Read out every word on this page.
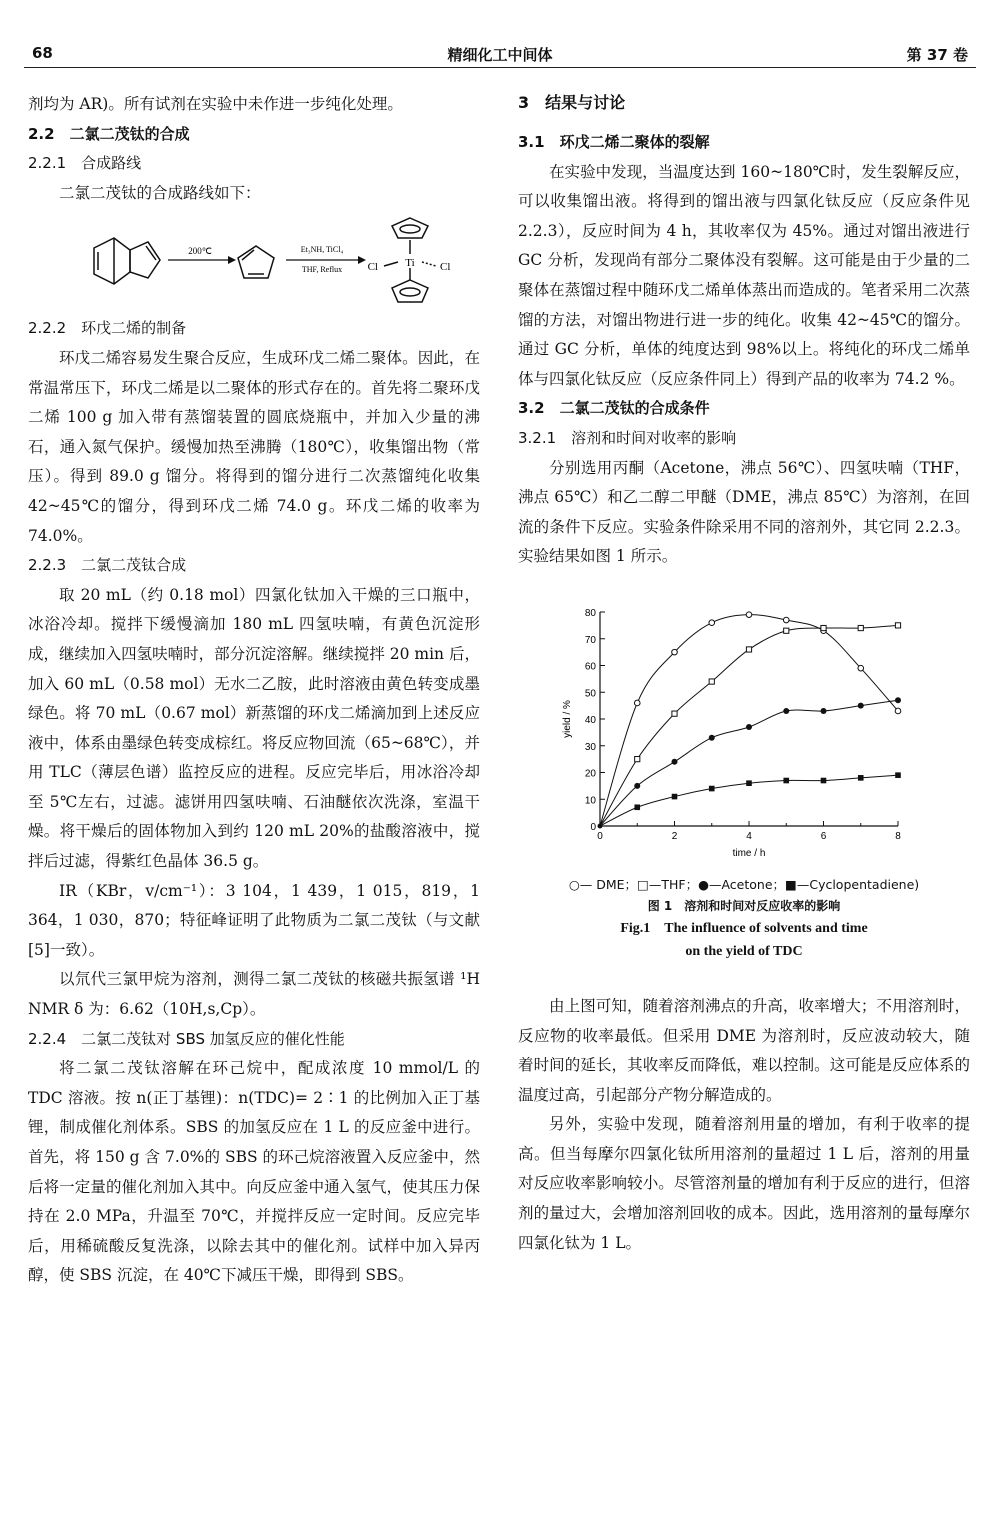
68	精细化工中间体	第 37 卷

剂均为 AR)。所有试剂在实验中未作进一步纯化处理。

2.2　二氯二茂钛的合成
2.2.1　合成路线

二氯二茂钛的合成路线如下：

200℃	Et₃NH, TiCl₄
THF, Reflux Cl Ti Cl
2.2.2　环戊二烯的制备

环戊二烯容易发生聚合反应，生成环戊二烯二聚体。因此，在常温常压下，环戊二烯是以二聚体的形式存在的。首先将二聚环戊二烯 100 g 加入带有蒸馏装置的圆底烧瓶中，并加入少量的沸石，通入氮气保护。缓慢加热至沸腾（180℃），收集馏出物（常压）。得到 89.0 g 馏分。将得到的馏分进行二次蒸馏纯化收集 42~45℃的馏分，得到环戊二烯 74.0 g。环戊二烯的收率为 74.0%。

2.2.3　二氯二茂钛合成

取 20 mL（约 0.18 mol）四氯化钛加入干燥的三口瓶中，冰浴冷却。搅拌下缓慢滴加 180 mL 四氢呋喃，有黄色沉淀形成，继续加入四氢呋喃时，部分沉淀溶解。继续搅拌 20 min 后，加入 60 mL（0.58 mol）无水二乙胺，此时溶液由黄色转变成墨绿色。将 70 mL（0.67 mol）新蒸馏的环戊二烯滴加到上述反应液中，体系由墨绿色转变成棕红。将反应物回流（65~68℃），并用 TLC（薄层色谱）监控反应的进程。反应完毕后，用冰浴冷却至 5℃左右，过滤。滤饼用四氢呋喃、石油醚依次洗涤，室温干燥。将干燥后的固体物加入到约 120 mL 20%的盐酸溶液中，搅拌后过滤，得紫红色晶体 36.5 g。

IR（KBr，v/cm⁻¹）：3 104，1 439，1 015，819，1 364，1 030，870；特征峰证明了此物质为二氯二茂钛（与文献[5]一致）。

以氘代三氯甲烷为溶剂，测得二氯二茂钛的核磁共振氢谱 ¹H NMR δ 为：6.62（10H,s,Cp）。

2.2.4　二氯二茂钛对 SBS 加氢反应的催化性能

将二氯二茂钛溶解在环己烷中，配成浓度 10 mmol/L 的 TDC 溶液。按 n(正丁基锂)：n(TDC)= 2∶1 的比例加入正丁基锂，制成催化剂体系。SBS 的加氢反应在 1 L 的反应釜中进行。首先，将 150 g 含 7.0%的 SBS 的环己烷溶液置入反应釜中，然后将一定量的催化剂加入其中。向反应釜中通入氢气，使其压力保持在 2.0 MPa，升温至 70℃，并搅拌反应一定时间。反应完毕后，用稀硫酸反复洗涤，以除去其中的催化剂。试样中加入异丙醇，使 SBS 沉淀，在 40℃下减压干燥，即得到 SBS。

3　结果与讨论
3.1　环戊二烯二聚体的裂解

在实验中发现，当温度达到 160~180℃时，发生裂解反应，可以收集馏出液。将得到的馏出液与四氯化钛反应（反应条件见 2.2.3），反应时间为 4 h，其收率仅为 45%。通过对馏出液进行 GC 分析，发现尚有部分二聚体没有裂解。这可能是由于少量的二聚体在蒸馏过程中随环戊二烯单体蒸出而造成的。笔者采用二次蒸馏的方法，对馏出物进行进一步的纯化。收集 42~45℃的馏分。通过 GC 分析，单体的纯度达到 98%以上。将纯化的环戊二烯单体与四氯化钛反应（反应条件同上）得到产品的收率为 74.2 %。

3.2　二氯二茂钛的合成条件
3.2.1　溶剂和时间对收率的影响

分别选用丙酮（Acetone，沸点 56℃）、四氢呋喃（THF，沸点 65℃）和乙二醇二甲醚（DME，沸点 85℃）为溶剂，在回流的条件下反应。实验条件除采用不同的溶剂外，其它同 2.2.3。实验结果如图 1 所示。

0
10
20
30
40
50
60
70
80
0	2	4	6	8
time / h
yield / %
○— DME；□—THF；●—Acetone；■—Cyclopentadiene)
图 1　溶剂和时间对反应收率的影响
Fig.1　The influence of solvents and time
on the yield of TDC

由上图可知，随着溶剂沸点的升高，收率增大；不用溶剂时，反应物的收率最低。但采用 DME 为溶剂时，反应波动较大，随着时间的延长，其收率反而降低，难以控制。这可能是反应体系的温度过高，引起部分产物分解造成的。

另外，实验中发现，随着溶剂用量的增加，有利于收率的提高。但当每摩尔四氯化钛所用溶剂的量超过 1 L 后，溶剂的用量对反应收率影响较小。尽管溶剂量的增加有利于反应的进行，但溶剂的量过大，会增加溶剂回收的成本。因此，选用溶剂的量每摩尔四氯化钛为 1 L。
